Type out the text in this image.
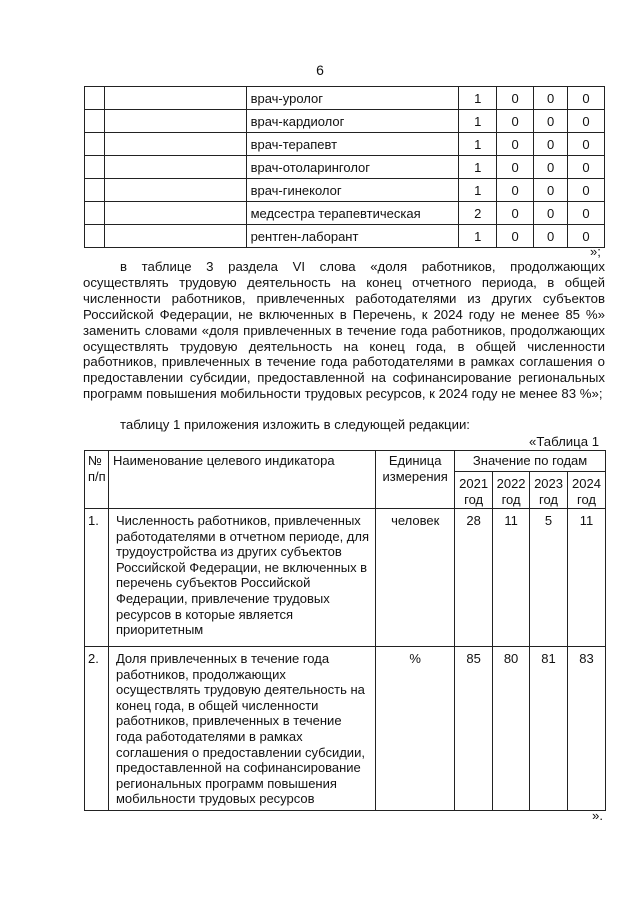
6
		врач-уролог	1	0	0	0
		врач-кардиолог	1	0	0	0
		врач-терапевт	1	0	0	0
		врач-отоларинголог	1	0	0	0
		врач-гинеколог	1	0	0	0
		медсестра терапевтическая	2	0	0	0
		рентген-лаборант	1	0	0	0
»;
в таблице 3 раздела VI слова «доля работников, продолжающих осуществлять трудовую деятельность на конец отчетного периода, в общей численности работников, привлеченных работодателями из других субъектов Российской Федерации, не включенных в Перечень, к 2024 году не менее 85 %» заменить словами «доля привлеченных в течение года работников, продолжающих осуществлять трудовую деятельность на конец года, в общей численности работников, привлеченных в течение года работодателями в рамках соглашения о предоставлении субсидии, предоставленной на софинансирование региональных программ повышения мобильности трудовых ресурсов, к 2024 году не менее 83 %»;
таблицу 1 приложения изложить в следующей редакции:
«Таблица 1
№ п/п	Наименование целевого индикатора	Единица измерения	Значение по годам			
			2021 год	2022 год	2023 год	2024 год
1.	Численность работников, привлеченных работодателями в отчетном периоде, для трудоустройства из других субъектов Российской Федерации, не включенных в перечень субъектов Российской Федерации, привлечение трудовых ресурсов в которые является приоритетным	человек	28	11	5	11
2.	Доля привлеченных в течение года работников, продолжающих осуществлять трудовую деятельность на конец года, в общей численности работников, привлеченных в течение года работодателями в рамках соглашения о предоставлении субсидии, предоставленной на софинансирование региональных программ повышения мобильности трудовых ресурсов	%	85	80	81	83
».
